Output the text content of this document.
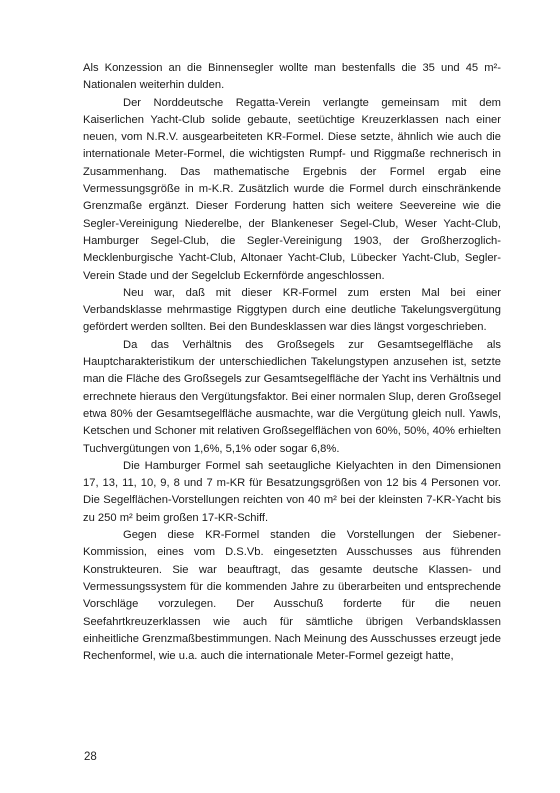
Als Konzession an die Binnensegler wollte man bestenfalls die 35 und 45 m²-Nationalen weiterhin dulden.

Der Norddeutsche Regatta-Verein verlangte gemeinsam mit dem Kaiserlichen Yacht-Club solide gebaute, seetüchtige Kreuzerklassen nach einer neuen, vom N.R.V. ausgearbeiteten KR-Formel. Diese setzte, ähnlich wie auch die internationale Meter-Formel, die wichtigsten Rumpf- und Riggmaße rechnerisch in Zusammenhang. Das mathematische Ergebnis der Formel ergab eine Vermessungsgröße in m-K.R. Zusätzlich wurde die Formel durch einschränkende Grenzmaße ergänzt. Dieser Forderung hatten sich weitere Seevereine wie die Segler-Vereinigung Niederelbe, der Blankeneser Segel-Club, Weser Yacht-Club, Hamburger Segel-Club, die Segler-Vereinigung 1903, der Großherzoglich-Mecklenburgische Yacht-Club, Altonaer Yacht-Club, Lübecker Yacht-Club, Segler-Verein Stade und der Segelclub Eckernförde angeschlossen.

Neu war, daß mit dieser KR-Formel zum ersten Mal bei einer Verbandsklasse mehrmastige Riggtypen durch eine deutliche Takelungsvergütung gefördert werden sollten. Bei den Bundesklassen war dies längst vorgeschrieben.

Da das Verhältnis des Großsegels zur Gesamtsegelfläche als Hauptcharakteristikum der unterschiedlichen Takelungstypen anzusehen ist, setzte man die Fläche des Großsegels zur Gesamtsegelfläche der Yacht ins Verhältnis und errechnete hieraus den Vergütungsfaktor. Bei einer normalen Slup, deren Großsegel etwa 80% der Gesamtsegelfläche ausmachte, war die Vergütung gleich null. Yawls, Ketschen und Schoner mit relativen Großsegelflächen von 60%, 50%, 40% erhielten Tuchvergütungen von 1,6%, 5,1% oder sogar 6,8%.

Die Hamburger Formel sah seetaugliche Kielyachten in den Dimensionen 17, 13, 11, 10, 9, 8 und 7 m-KR für Besatzungsgrößen von 12 bis 4 Personen vor. Die Segelflächen-Vorstellungen reichten von 40 m² bei der kleinsten 7-KR-Yacht bis zu 250 m² beim großen 17-KR-Schiff.

Gegen diese KR-Formel standen die Vorstellungen der Siebener-Kommission, eines vom D.S.Vb. eingesetzten Ausschusses aus führenden Konstrukteuren. Sie war beauftragt, das gesamte deutsche Klassen- und Vermessungssystem für die kommenden Jahre zu überarbeiten und entsprechende Vorschläge vorzulegen. Der Ausschuß forderte für die neuen Seefahrtkreuzerklassen wie auch für sämtliche übrigen Verbandsklassen einheitliche Grenzmaßbestimmungen. Nach Meinung des Ausschusses erzeugt jede Rechenformel, wie u.a. auch die internationale Meter-Formel gezeigt hatte,

28
